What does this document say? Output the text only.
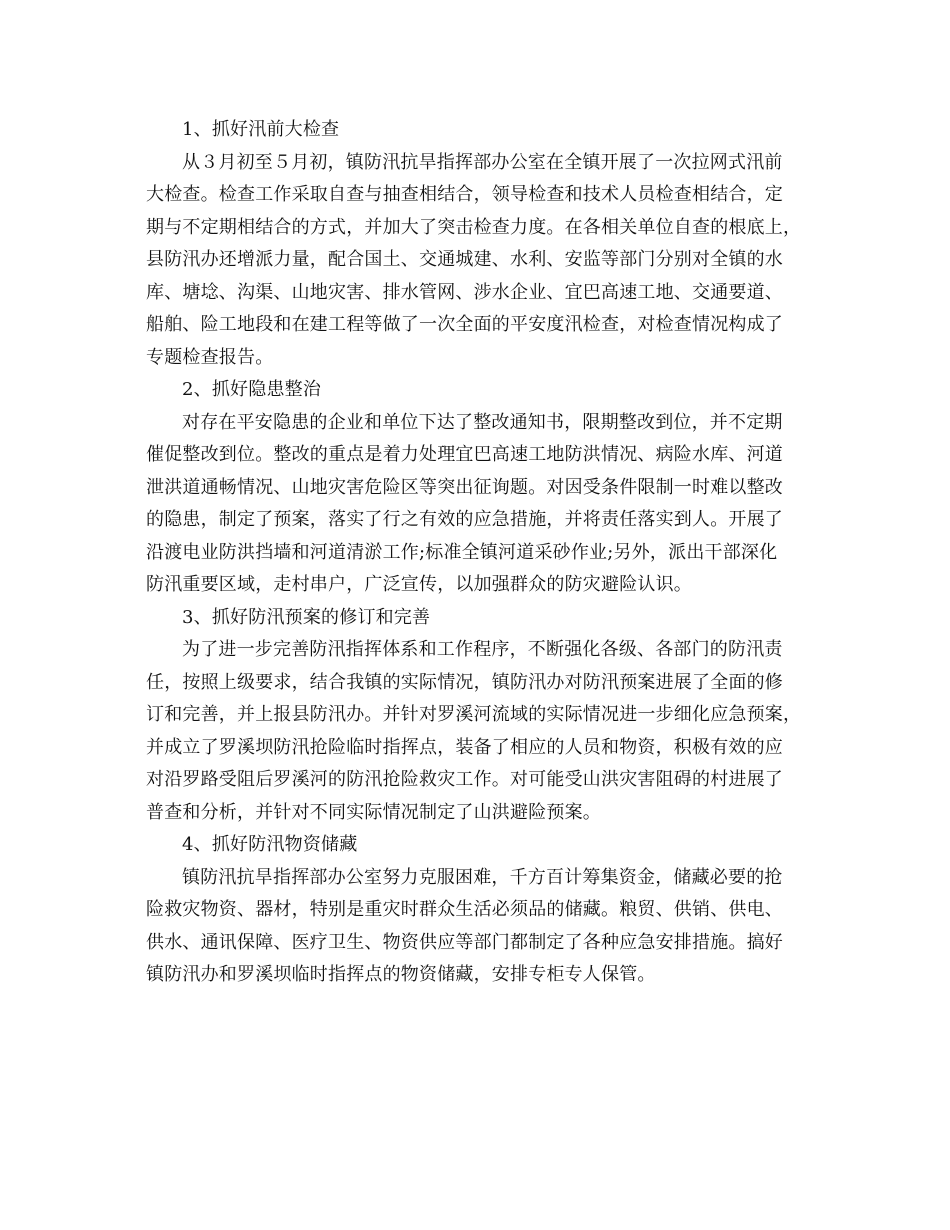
1、抓好汛前大检查
从３月初至５月初，镇防汛抗旱指挥部办公室在全镇开展了一次拉网式汛前
大检查。检查工作采取自查与抽查相结合，领导检查和技术人员检查相结合，定
期与不定期相结合的方式，并加大了突击检查力度。在各相关单位自查的根底上，
县防汛办还增派力量，配合国土、交通城建、水利、安监等部门分别对全镇的水
库、塘埝、沟渠、山地灾害、排水管网、涉水企业、宜巴高速工地、交通要道、
船舶、险工地段和在建工程等做了一次全面的平安度汛检查，对检查情况构成了
专题检查报告。
2、抓好隐患整治
对存在平安隐患的企业和单位下达了整改通知书，限期整改到位，并不定期
催促整改到位。整改的重点是着力处理宜巴高速工地防洪情况、病险水库、河道
泄洪道通畅情况、山地灾害危险区等突出征询题。对因受条件限制一时难以整改
的隐患，制定了预案，落实了行之有效的应急措施，并将责任落实到人。开展了
沿渡电业防洪挡墙和河道清淤工作;标准全镇河道采砂作业;另外，派出干部深化
防汛重要区域，走村串户，广泛宣传，以加强群众的防灾避险认识。
3、抓好防汛预案的修订和完善
为了进一步完善防汛指挥体系和工作程序，不断强化各级、各部门的防汛责
任，按照上级要求，结合我镇的实际情况，镇防汛办对防汛预案进展了全面的修
订和完善，并上报县防汛办。并针对罗溪河流域的实际情况进一步细化应急预案，
并成立了罗溪坝防汛抢险临时指挥点，装备了相应的人员和物资，积极有效的应
对沿罗路受阻后罗溪河的防汛抢险救灾工作。对可能受山洪灾害阻碍的村进展了
普查和分析，并针对不同实际情况制定了山洪避险预案。
4、抓好防汛物资储藏
镇防汛抗旱指挥部办公室努力克服困难，千方百计筹集资金，储藏必要的抢
险救灾物资、器材，特别是重灾时群众生活必须品的储藏。粮贸、供销、供电、
供水、通讯保障、医疗卫生、物资供应等部门都制定了各种应急安排措施。搞好
镇防汛办和罗溪坝临时指挥点的物资储藏，安排专柜专人保管。
